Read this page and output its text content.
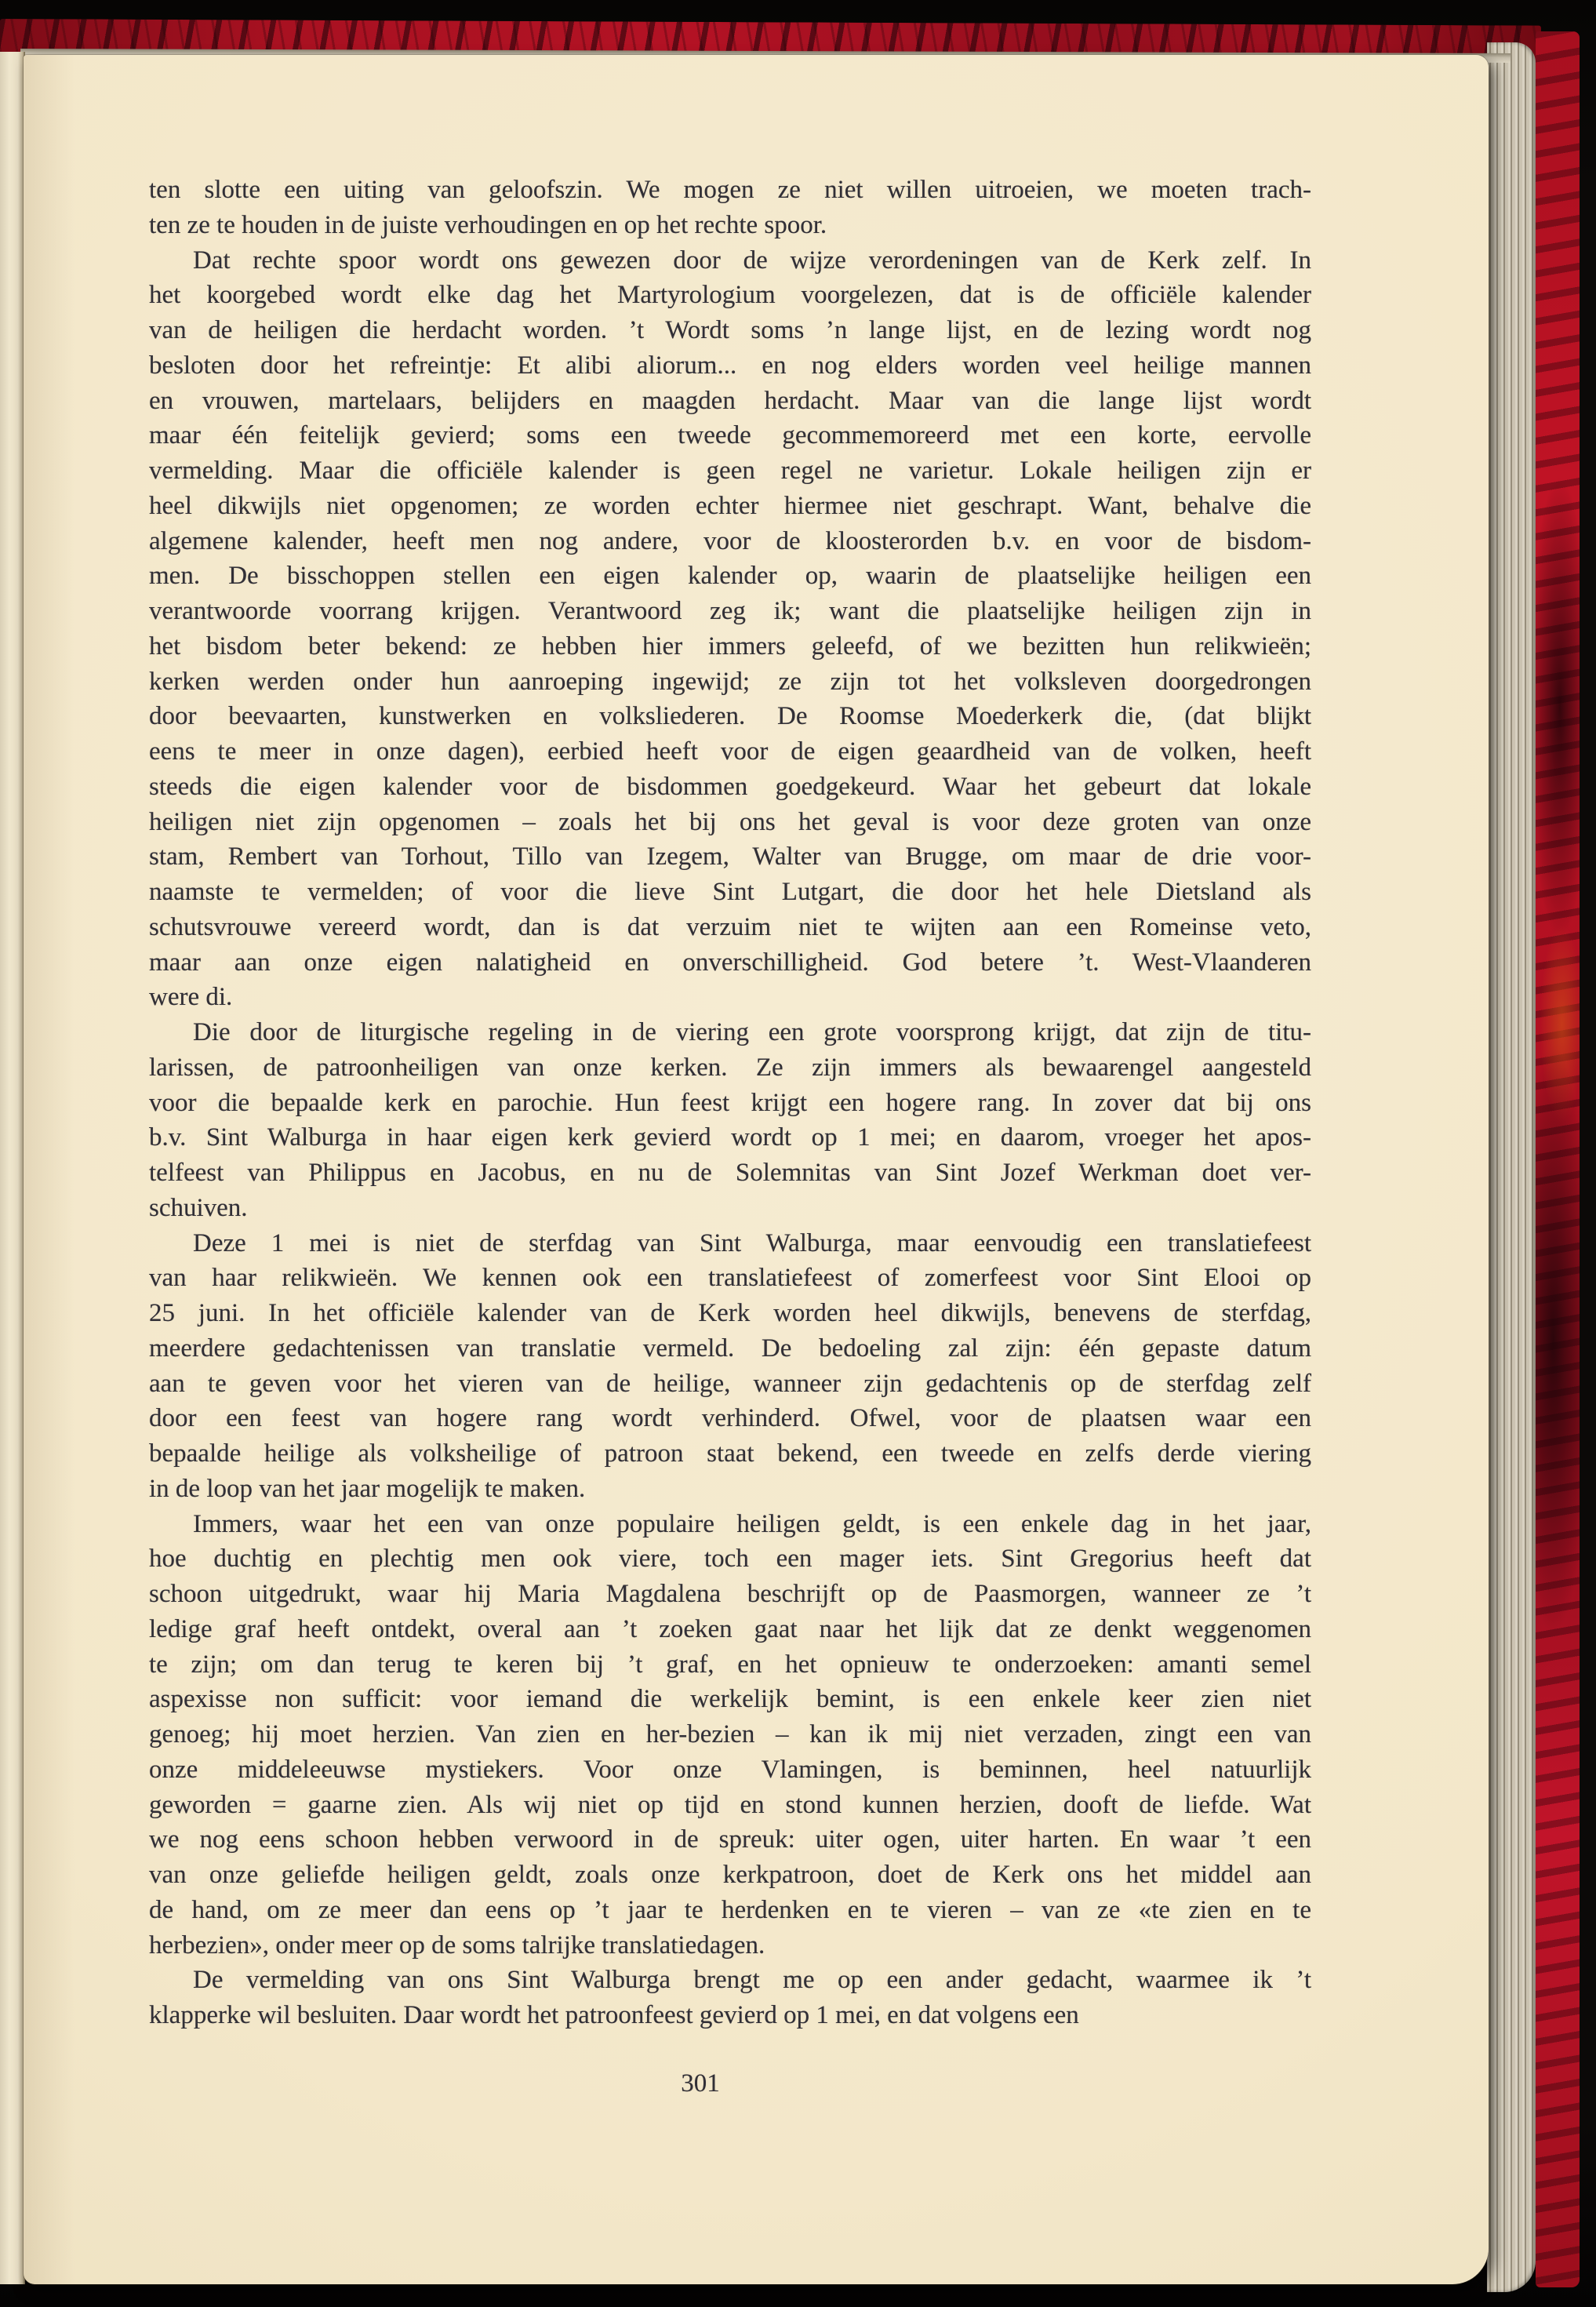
ten slotte een uiting van geloofszin. We mogen ze niet willen uitroeien, we moeten trach-
ten ze te houden in de juiste verhoudingen en op het rechte spoor.
Dat rechte spoor wordt ons gewezen door de wijze verordeningen van de Kerk zelf. In
het koorgebed wordt elke dag het Martyrologium voorgelezen, dat is de officiële kalender
van de heiligen die herdacht worden. ’t Wordt soms ’n lange lijst, en de lezing wordt nog
besloten door het refreintje: Et alibi aliorum... en nog elders worden veel heilige mannen
en vrouwen, martelaars, belijders en maagden herdacht. Maar van die lange lijst wordt
maar één feitelijk gevierd; soms een tweede gecommemoreerd met een korte, eervolle
vermelding. Maar die officiële kalender is geen regel ne varietur. Lokale heiligen zijn er
heel dikwijls niet opgenomen; ze worden echter hiermee niet geschrapt. Want, behalve die
algemene kalender, heeft men nog andere, voor de kloosterorden b.v. en voor de bisdom-
men. De bisschoppen stellen een eigen kalender op, waarin de plaatselijke heiligen een
verantwoorde voorrang krijgen. Verantwoord zeg ik; want die plaatselijke heiligen zijn in
het bisdom beter bekend: ze hebben hier immers geleefd, of we bezitten hun relikwieën;
kerken werden onder hun aanroeping ingewijd; ze zijn tot het volksleven doorgedrongen
door beevaarten, kunstwerken en volksliederen. De Roomse Moederkerk die, (dat blijkt
eens te meer in onze dagen), eerbied heeft voor de eigen geaardheid van de volken, heeft
steeds die eigen kalender voor de bisdommen goedgekeurd. Waar het gebeurt dat lokale
heiligen niet zijn opgenomen – zoals het bij ons het geval is voor deze groten van onze
stam, Rembert van Torhout, Tillo van Izegem, Walter van Brugge, om maar de drie voor-
naamste te vermelden; of voor die lieve Sint Lutgart, die door het hele Dietsland als
schutsvrouwe vereerd wordt, dan is dat verzuim niet te wijten aan een Romeinse veto,
maar aan onze eigen nalatigheid en onverschilligheid. God betere ’t. West-Vlaanderen
were di.
Die door de liturgische regeling in de viering een grote voorsprong krijgt, dat zijn de titu-
larissen, de patroonheiligen van onze kerken. Ze zijn immers als bewaarengel aangesteld
voor die bepaalde kerk en parochie. Hun feest krijgt een hogere rang. In zover dat bij ons
b.v. Sint Walburga in haar eigen kerk gevierd wordt op 1 mei; en daarom, vroeger het apos-
telfeest van Philippus en Jacobus, en nu de Solemnitas van Sint Jozef Werkman doet ver-
schuiven.
Deze 1 mei is niet de sterfdag van Sint Walburga, maar eenvoudig een translatiefeest
van haar relikwieën. We kennen ook een translatiefeest of zomerfeest voor Sint Elooi op
25 juni. In het officiële kalender van de Kerk worden heel dikwijls, benevens de sterfdag,
meerdere gedachtenissen van translatie vermeld. De bedoeling zal zijn: één gepaste datum
aan te geven voor het vieren van de heilige, wanneer zijn gedachtenis op de sterfdag zelf
door een feest van hogere rang wordt verhinderd. Ofwel, voor de plaatsen waar een
bepaalde heilige als volksheilige of patroon staat bekend, een tweede en zelfs derde viering
in de loop van het jaar mogelijk te maken.
Immers, waar het een van onze populaire heiligen geldt, is een enkele dag in het jaar,
hoe duchtig en plechtig men ook viere, toch een mager iets. Sint Gregorius heeft dat
schoon uitgedrukt, waar hij Maria Magdalena beschrijft op de Paasmorgen, wanneer ze ’t
ledige graf heeft ontdekt, overal aan ’t zoeken gaat naar het lijk dat ze denkt weggenomen
te zijn; om dan terug te keren bij ’t graf, en het opnieuw te onderzoeken: amanti semel
aspexisse non sufficit: voor iemand die werkelijk bemint, is een enkele keer zien niet
genoeg; hij moet herzien. Van zien en her-bezien – kan ik mij niet verzaden, zingt een van
onze middeleeuwse mystiekers. Voor onze Vlamingen, is beminnen, heel natuurlijk
geworden = gaarne zien. Als wij niet op tijd en stond kunnen herzien, dooft de liefde. Wat
we nog eens schoon hebben verwoord in de spreuk: uiter ogen, uiter harten. En waar ’t een
van onze geliefde heiligen geldt, zoals onze kerkpatroon, doet de Kerk ons het middel aan
de hand, om ze meer dan eens op ’t jaar te herdenken en te vieren – van ze «te zien en te
herbezien», onder meer op de soms talrijke translatiedagen.
De vermelding van ons Sint Walburga brengt me op een ander gedacht, waarmee ik ’t
klapperke wil besluiten. Daar wordt het patroonfeest gevierd op 1 mei, en dat volgens een
301
